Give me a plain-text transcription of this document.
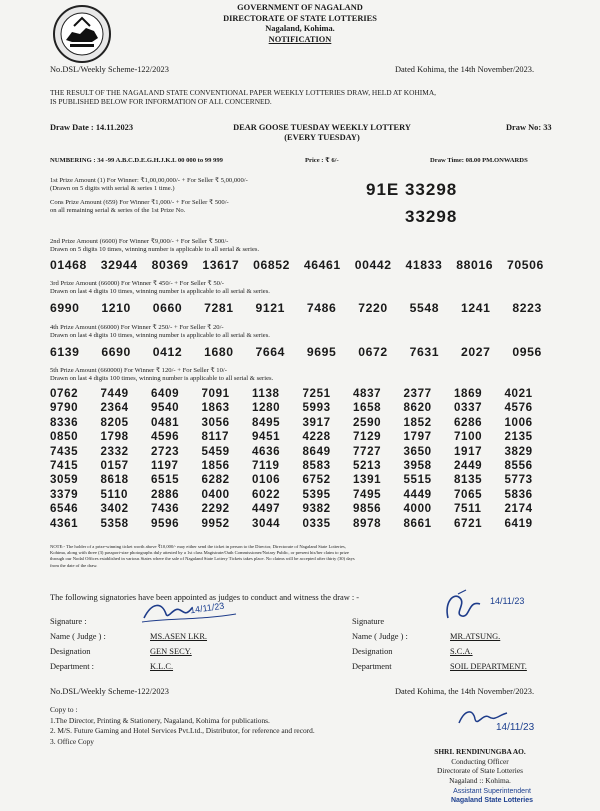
GOVERNMENT OF NAGALAND
DIRECTORATE OF STATE LOTTERIES
Nagaland, Kohima.
NOTIFICATION
No.DSL/Weekly Scheme-122/2023	Dated Kohima, the 14th November/2023.
THE RESULT OF THE NAGALAND STATE CONVENTIONAL PAPER WEEKLY LOTTERIES DRAW, HELD AT KOHIMA,
IS PUBLISHED BELOW FOR INFORMATION OF ALL CONCERNED.
Draw Date : 14.11.2023	DEAR GOOSE TUESDAY WEEKLY LOTTERY
(EVERY TUESDAY)
Draw No: 33
NUMBERING : 34 -99 A.B.C.D.E.G.H.J.K.L 00 000 to 99 999	Price : ₹ 6/-	Draw Time: 08.00 PM.ONWARDS
1st Prize Amount (1) For Winner: ₹1,00,00,000/- + For Seller ₹ 5,00,000/-
(Drawn on 5 digits with serial & series 1 time.)	91E 33298
Cons Prize Amount (659) For Winner ₹1,000/- + For Seller ₹ 500/-
on all remaining serial & series of the 1st Prize No.	33298
2nd Prize Amount (6600) For Winner ₹9,000/- + For Seller ₹ 500/-
Drawn on 5 digits 10 times, winning number is applicable to all serial & series.
01468 32944 80369 13617 06852 46461 00442 41833 88016 70506
3rd Prize Amount (66000) For Winner ₹ 450/- + For Seller ₹ 50/-
Drawn on last 4 digits 10 times, winning number is applicable to all serial & series.
6990 1210 0660 7281 9121 7486 7220 5548 1241 8223
4th Prize Amount (66000) For Winner ₹ 250/- + For Seller ₹ 20/-
Drawn on last 4 digits 10 times, winning number is applicable to all serial & series.
6139 6690 0412 1680 7664 9695 0672 7631 2027 0956
5th Prize Amount (660000) For Winner ₹ 120/- + For Seller ₹ 10/-
Drawn on last 4 digits 100 times, winning number is applicable to all serial & series.
0762	7449	6409	7091	1138	7251	4837	2377	1869	4021
9790	2364	9540	1863	1280	5993	1658	8620	0337	4576
8336	8205	0481	3056	8495	3917	2590	1852	6286	1006
0850	1798	4596	8117	9451	4228	7129	1797	7100	2135
7435	2332	2723	5459	4636	8649	7727	3650	1917	3829
7415	0157	1197	1856	7119	8583	5213	3958	2449	8556
3059	8618	6515	6282	0106	6752	1391	5515	8135	5773
3379	5110	2886	0400	6022	5395	7495	4449	7065	5836
6546	3402	7436	2292	4497	9382	9856	4000	7511	2174
4361	5358	9596	9952	3044	0335	8978	8661	6721	6419
NOTE:- The holder of a prize-winning ticket worth above ₹10,000/- may either send the ticket in person to the Director, Directorate of Nagaland State Lotteries,
Kohima, along with three (3) passport-size photographs duly attested by a 1st class Magistrate/Oath Commissioner/Notary Public, or present his/her claim to prize
through our Nodal Offices established in various States where the sale of Nagaland State Lottery Tickets takes place. No claims will be accepted after thirty (30) days
from the date of the draw.
The following signatories have been appointed as judges to conduct and witness the draw : -
Signature :
14/11/23
Name ( Judge ) :	MS.ASEN LKR.
Designation	GEN SECY.
Department :	K.L.C.
Signature
14/11/23
Name ( Judge ) :	MR.ATSUNG.
Designation	S.C.A.
Department	SOIL DEPARTMENT.
No.DSL/Weekly Scheme-122/2023	Dated Kohima, the 14th November/2023.
Copy to :
1.The Director, Printing & Stationery, Nagaland, Kohima for publications.
2. M/S. Future Gaming and Hotel Services Pvt.Ltd., Distributor, for reference and record.
3. Office Copy
14/11/23
SHRI. RENDINUNGBA AO.
Conducting Officer
Directorate of State Lotteries
Nagaland :: Kohima.
Assistant Superintendent
Nagaland State Lotteries
